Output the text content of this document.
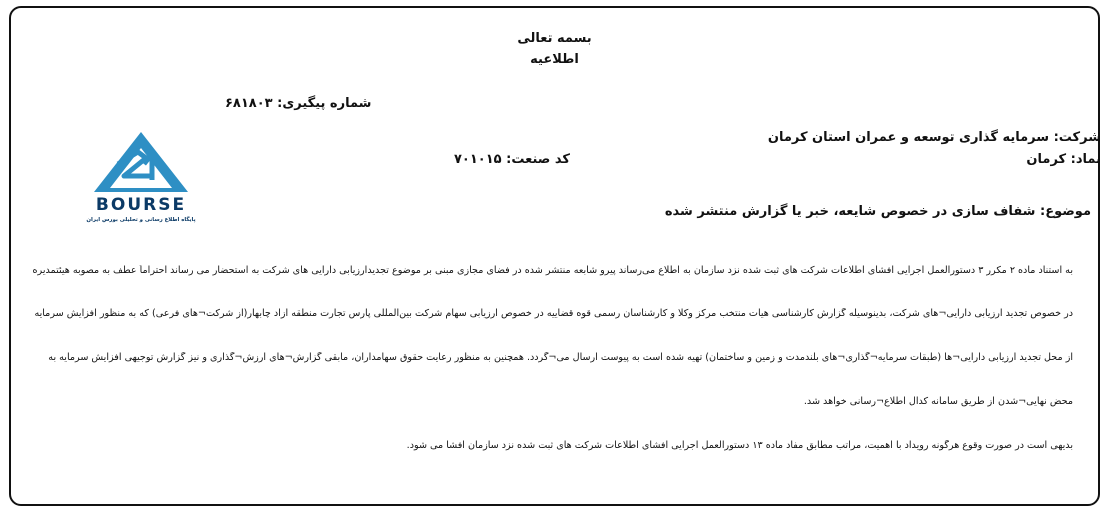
بسمه تعالی
اطلاعیه
شماره پیگیری: ۶۸۱۸۰۳
شرکت: سرمایه گذاری توسعه و عمران استان کرمان
نماد: کرمان
کد صنعت: ۷۰۱۰۱۵
موضوع: شفاف سازی در خصوص شایعه، خبر یا گزارش منتشر شده
BOURSE
پایگاه اطلاع رسانی و تحلیلی بورس ایران
به استناد ماده ۲ مکرر ۳ دستورالعمل اجرایی افشای اطلاعات شرکت های ثبت شده نزد سازمان به اطلاع می‌رساند پیرو شابعه منتشر شده در فضای مجازی مبنی بر موضوع تجدیدارزیابی دارایی های شرکت به استحضار می رساند احتراماً عطف به مصوبه هیئتمدیره
در خصوص تجدید ارزیابی دارایی¬های شرکت، بدینوسیله گزارش کارشناسی هیات منتخب مرکز وکلا و کارشناسان رسمی قوه قضاییه در خصوص ارزیابی سهام شرکت بین‌المللی پارس تجارت منطقه آزاد چابهار(از شرکت¬های فرعی) که به منظور افزایش سرمایه
از محل تجدید ارزیابی دارایی¬ها (طبقات سرمایه¬گذاری¬های بلندمدت و زمین و ساختمان) تهیه شده است به پیوست ارسال می¬گردد. همچنین به منظور رعایت حقوق سهامداران، مابقی گزارش¬های ارزش¬گذاری و نیز گزارش توجیهی افزایش سرمایه به
محض نهایی¬شدن از طریق سامانه کدال اطلاع¬رسانی خواهد شد.
بدیهی است در صورت وقوع هرگونه رویداد با اهمیت، مراتب مطابق مفاد ماده ۱۳ دستورالعمل اجرایی افشای اطلاعات شرکت های ثبت شده نزد سازمان افشا می شود.
